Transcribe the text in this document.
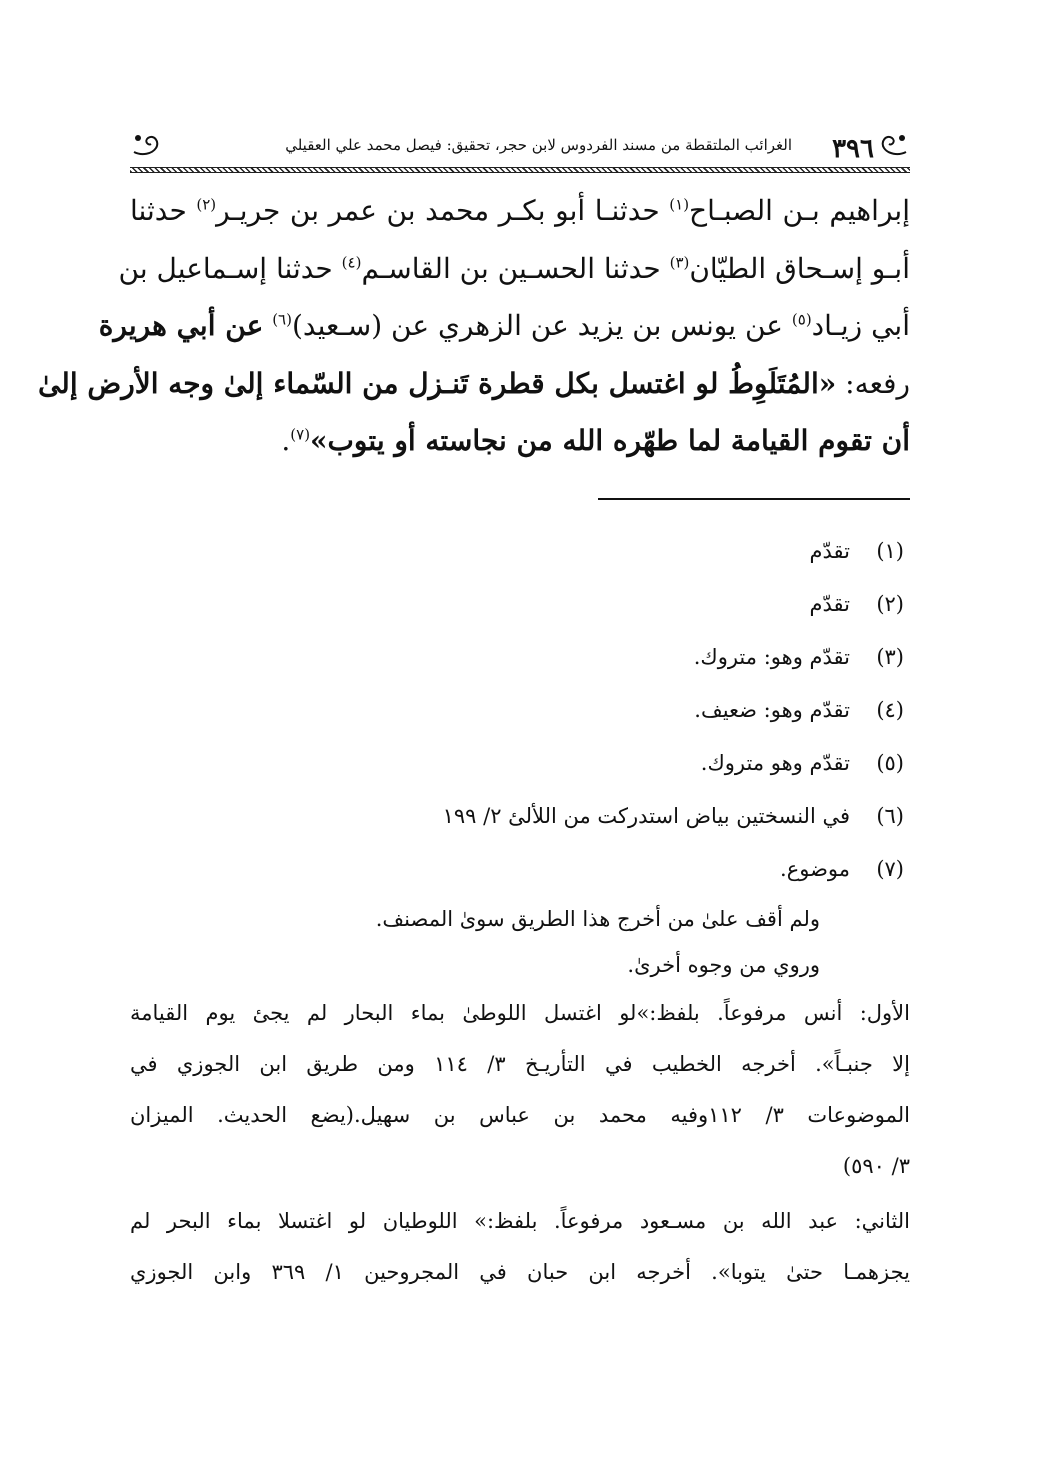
٣٩٦
الغرائب الملتقطة من مسند الفردوس لابن حجر، تحقيق: فيصل محمد علي العقيلي
إبراهيم بـن الصبـاح$^{(١)}$ حدثنـا أبو بكـر محمد بن عمر بن جريـر$^{(٢)}$ حدثنا
أبـو إسـحاق الطيّان$^{(٣)}$ حدثنا الحسـين بن القاسـم$^{(٤)}$ حدثنا إسـماعيل بن
أبي زيـاد$^{(٥)}$ عن يونس بن يزيد عن الزهري عن (سـعيد)$^{(٦)}$ عن أبي هريرة
رفعه: «المُتَلَوِطُ لو اغتسل بكل قطرة تَنـزل من السّماء إلىٰ وجه الأرض إلىٰ
أن تقوم القيامة لما طهّره الله من نجاسته أو يتوب»$^{(٧)}$.
(١)
تقدّم
(٢)
تقدّم
(٣)
تقدّم وهو: متروك.
(٤)
تقدّم وهو: ضعيف.
(٥)
تقدّم وهو متروك.
(٦)
في النسختين بياض استدركت من اللألئ ٢/ ١٩٩
(٧)
موضوع.
ولم أقف علىٰ من أخرج هذا الطريق سوىٰ المصنف.
وروي من وجوه أخرىٰ.
الأول: أنس مرفوعاً. بلفظ:»لو اغتسل اللوطىٰ بماء البحار لم يجئ يوم القيامة
إلا جنبـاً». أخرجه الخطيب في التأريـخ ٣/ ١١٤ ومن طريق ابن الجوزي في
الموضوعات ٣/ ١١٢وفيه محمد بن عباس بن سهيل.(يضع الحديث. الميزان
٣/ ٥٩٠)
الثاني: عبد الله بن مسـعود مرفوعاً. بلفظ:» اللوطيان لو اغتسلا بماء البحر لم
يجزهمـا حتىٰ يتوبا». أخرجه ابن حبان في المجروحين ١/ ٣٦٩ وابن الجوزي
